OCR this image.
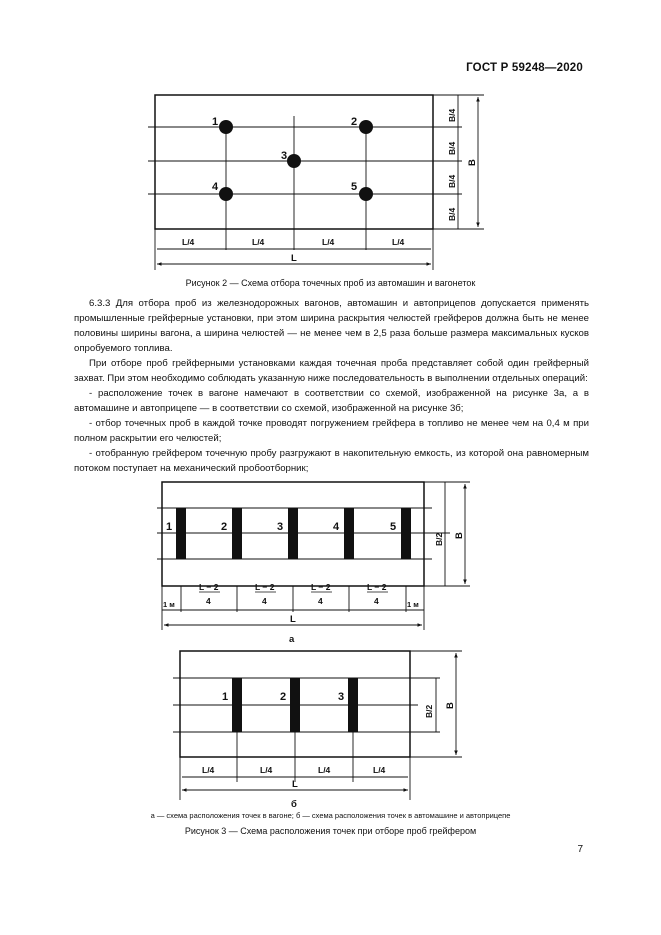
ГОСТ Р 59248—2020
1	2
3
4	5
B/4
B/4
B/4
B/4
B
L/4	L/4	L/4	L/4
L
Рисунок 2 — Схема отбора точечных проб из автомашин и вагонеток
6.3.3 Для отбора проб из железнодорожных вагонов, автомашин и автоприцепов допускается применять промышленные грейферные установки, при этом ширина раскрытия челюстей грейферов должна быть не менее половины ширины вагона, а ширина челюстей — не менее чем в 2,5 раза больше размера максимальных кусков опробуемого топлива.
При отборе проб грейферными установками каждая точечная проба представляет собой один грейферный захват. При этом необходимо соблюдать указанную ниже последовательность в выполнении отдельных операций:
- расположение точек в вагоне намечают в соответствии со схемой, изображенной на рисунке 3а, а в автомашине и автоприцепе — в соответствии со схемой, изображенной на рисунке 3б;
- отбор точечных проб в каждой точке проводят погружением грейфера в топливо не менее чем на 0,4 м при полном раскрытии его челюстей;
- отобранную грейфером точечную пробу разгружают в накопительную емкость, из которой она равномерным потоком поступает на механический пробоотборник;
1	2	3	4	5
B/2 B
1 м	1 м
L − 2	L − 2	L − 2	L − 2
4	4	4	4
L
а
1	2	3
B/2 B
L/4	L/4	L/4	L/4
L
б
а — схема расположения точек в вагоне; б — схема расположения точек в автомашине и автоприцепе
Рисунок 3 — Схема расположения точек при отборе проб грейфером
7
